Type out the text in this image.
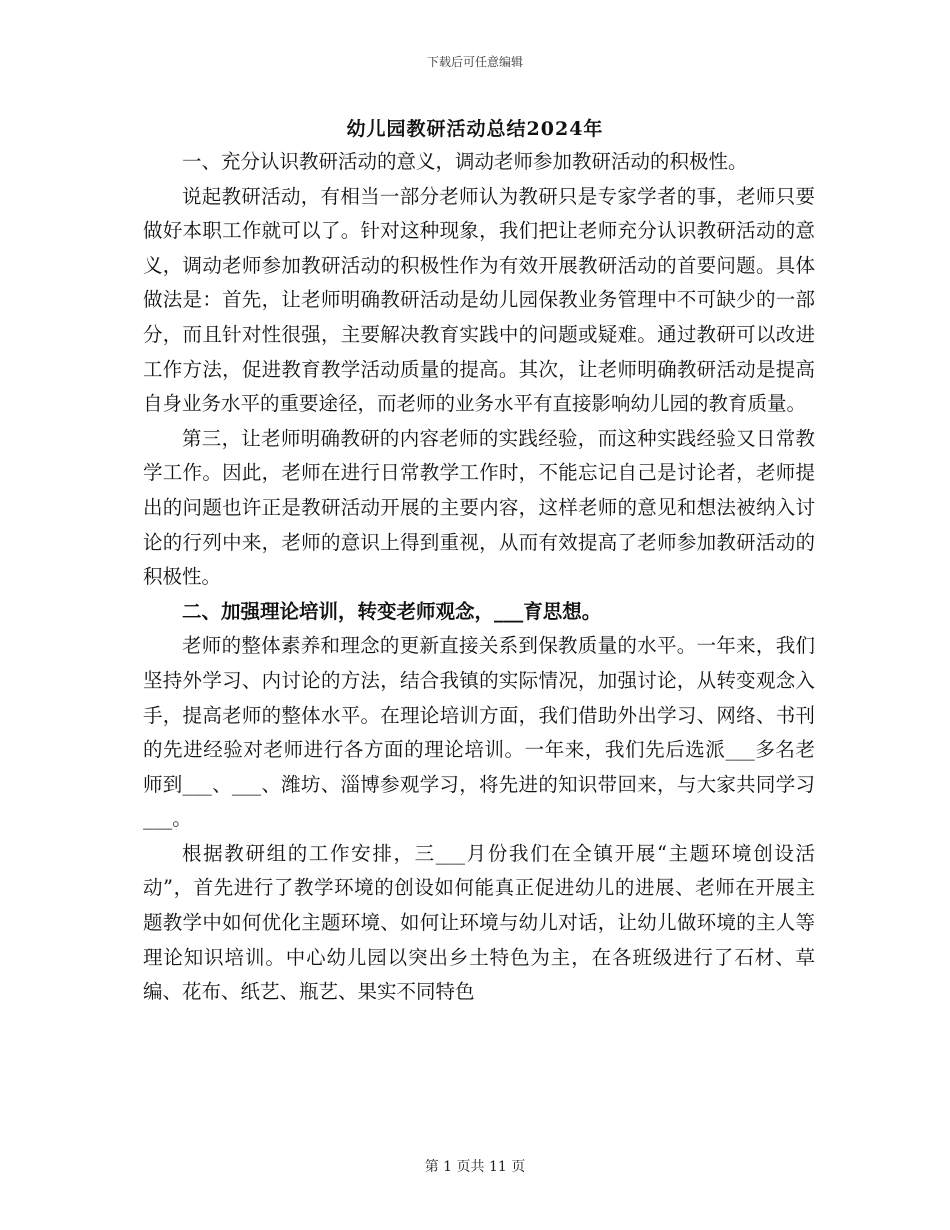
下载后可任意编辑
幼儿园教研活动总结2024年

一、充分认识教研活动的意义，调动老师参加教研活动的积极性。

说起教研活动，有相当一部分老师认为教研只是专家学者的事，老师只要做好本职工作就可以了。针对这种现象，我们把让老师充分认识教研活动的意义，调动老师参加教研活动的积极性作为有效开展教研活动的首要问题。具体做法是：首先，让老师明确教研活动是幼儿园保教业务管理中不可缺少的一部分，而且针对性很强，主要解决教育实践中的问题或疑难。通过教研可以改进工作方法，促进教育教学活动质量的提高。其次，让老师明确教研活动是提高自身业务水平的重要途径，而老师的业务水平有直接影响幼儿园的教育质量。

第三，让老师明确教研的内容老师的实践经验，而这种实践经验又日常教学工作。因此，老师在进行日常教学工作时，不能忘记自己是讨论者，老师提出的问题也许正是教研活动开展的主要内容，这样老师的意见和想法被纳入讨论的行列中来，老师的意识上得到重视，从而有效提高了老师参加教研活动的积极性。

二、加强理论培训，转变老师观念，___育思想。

老师的整体素养和理念的更新直接关系到保教质量的水平。一年来，我们坚持外学习、内讨论的方法，结合我镇的实际情况，加强讨论，从转变观念入手，提高老师的整体水平。在理论培训方面，我们借助外出学习、网络、书刊的先进经验对老师进行各方面的理论培训。一年来，我们先后选派___多名老师到___、___、潍坊、淄博参观学习，将先进的知识带回来，与大家共同学习___。

根据教研组的工作安排，三___月份我们在全镇开展“主题环境创设活动”，首先进行了教学环境的创设如何能真正促进幼儿的进展、老师在开展主题教学中如何优化主题环境、如何让环境与幼儿对话，让幼儿做环境的主人等理论知识培训。中心幼儿园以突出乡土特色为主，在各班级进行了石材、草编、花布、纸艺、瓶艺、果实不同特色

第 1 页共 11 页
